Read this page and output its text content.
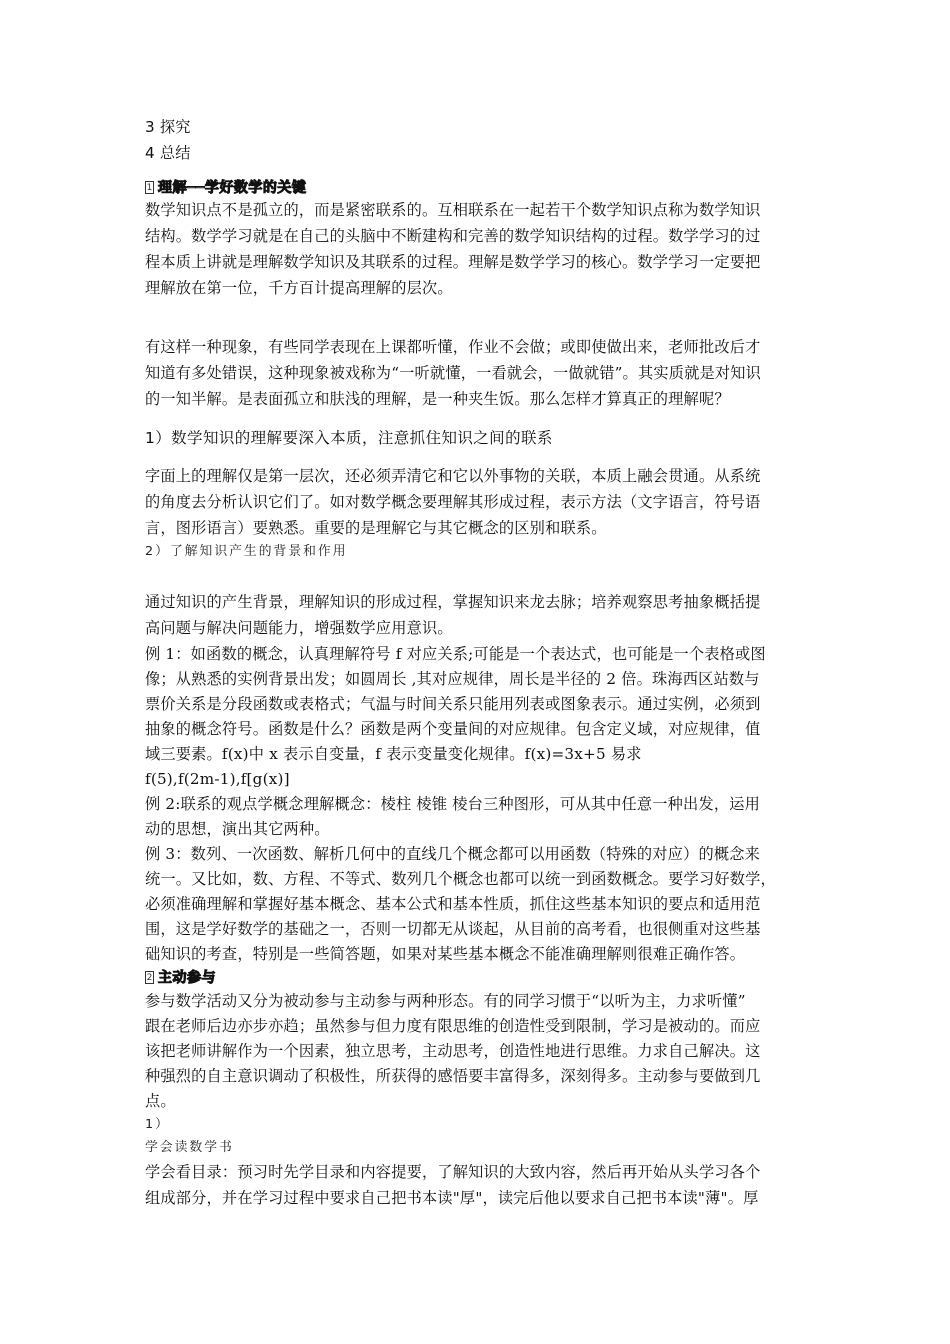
3 探究
4 总结
1 理解──学好数学的关键
数学知识点不是孤立的，而是紧密联系的。互相联系在一起若干个数学知识点称为数学知识
结构。数学学习就是在自己的头脑中不断建构和完善的数学知识结构的过程。数学学习的过
程本质上讲就是理解数学知识及其联系的过程。理解是数学学习的核心。数学学习一定要把
理解放在第一位，千方百计提高理解的层次。
有这样一种现象，有些同学表现在上课都听懂，作业不会做；或即使做出来，老师批改后才
知道有多处错误，这种现象被戏称为“一听就懂，一看就会，一做就错”。其实质就是对知识
的一知半解。是表面孤立和肤浅的理解，是一种夹生饭。那么怎样才算真正的理解呢？
1）数学知识的理解要深入本质，注意抓住知识之间的联系
字面上的理解仅是第一层次，还必须弄清它和它以外事物的关联，本质上融会贯通。从系统
的角度去分析认识它们了。如对数学概念要理解其形成过程，表示方法（文字语言，符号语
言，图形语言）要熟悉。重要的是理解它与其它概念的区别和联系。
2）了解知识产生的背景和作用
通过知识的产生背景，理解知识的形成过程，掌握知识来龙去脉；培养观察思考抽象概括提
高问题与解决问题能力，增强数学应用意识。
例 1：如函数的概念，认真理解符号 f 对应关系;可能是一个表达式，也可能是一个表格或图
像；从熟悉的实例背景出发；如圆周长 ,其对应规律，周长是半径的 2 倍。珠海西区站数与
票价关系是分段函数或表格式；气温与时间关系只能用列表或图象表示。通过实例，必须到
抽象的概念符号。函数是什么？函数是两个变量间的对应规律。包含定义域，对应规律，值
域三要素。f(x)中 x 表示自变量，f 表示变量变化规律。f(x)=3x+5 易求
f(5),f(2m-1),f[g(x)]
例 2:联系的观点学概念理解概念：棱柱 棱锥 棱台三种图形，可从其中任意一种出发，运用
动的思想，演出其它两种。
例 3：数列、一次函数、解析几何中的直线几个概念都可以用函数（特殊的对应）的概念来
统一。又比如，数、方程、不等式、数列几个概念也都可以统一到函数概念。要学习好数学，
必须准确理解和掌握好基本概念、基本公式和基本性质，抓住这些基本知识的要点和适用范
围，这是学好数学的基础之一，否则一切都无从谈起，从目前的高考看，也很侧重对这些基
础知识的考查，特别是一些简答题，如果对某些基本概念不能准确理解则很难正确作答。
2 主动参与
参与数学活动又分为被动参与主动参与两种形态。有的同学习惯于“以听为主，力求听懂”
跟在老师后边亦步亦趋；虽然参与但力度有限思维的创造性受到限制，学习是被动的。而应
该把老师讲解作为一个因素，独立思考，主动思考，创造性地进行思维。力求自己解决。这
种强烈的自主意识调动了积极性，所获得的感悟要丰富得多，深刻得多。主动参与要做到几
点。
1）
学会读数学书
学会看目录：预习时先学目录和内容提要，了解知识的大致内容，然后再开始从头学习各个
组成部分，并在学习过程中要求自己把书本读"厚"，读完后他以要求自己把书本读"薄"。厚
